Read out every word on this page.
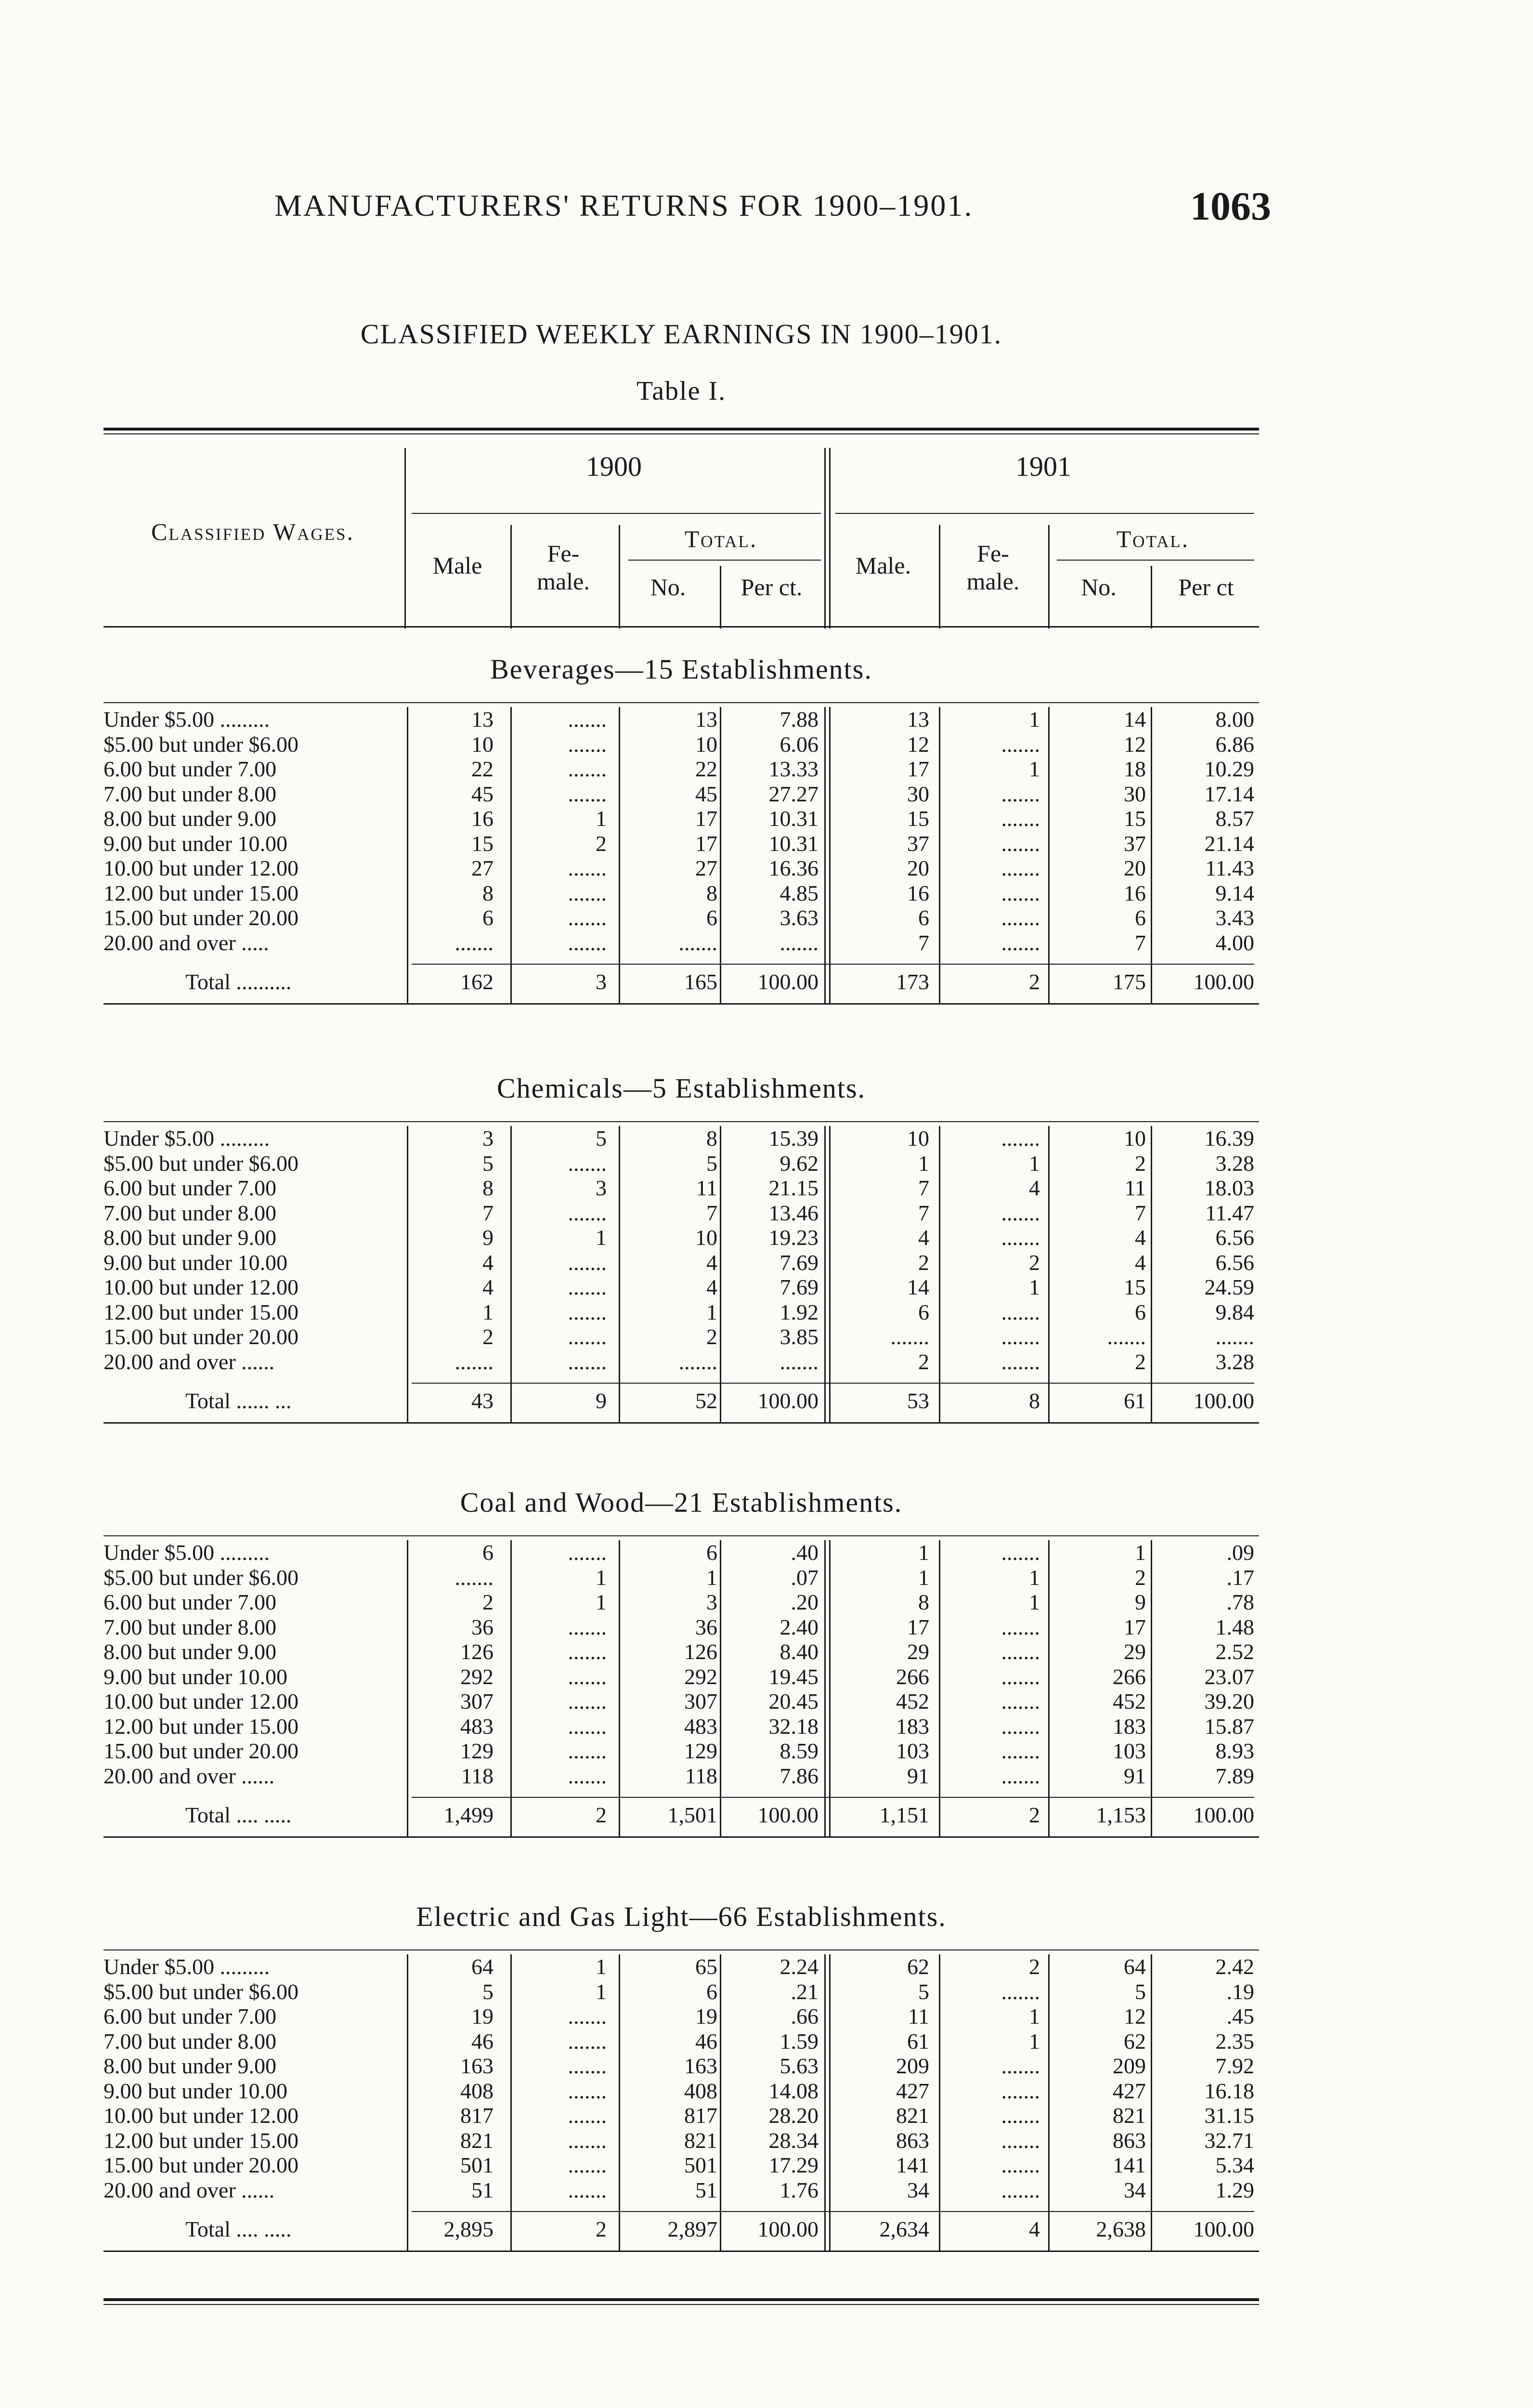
MANUFACTURERS' RETURNS FOR 1900–1901.	1063
CLASSIFIED WEEKLY EARNINGS IN 1900–1901.
Table I.
Classified Wages.
1900	1901
Male	Fe-
male.
Total.
No.	Per ct.
Male.	Fe-
male.
Total.
No.	Per ct
Beverages—15 Establishments.
Under $5.00 .........	13	.......	13	7.88	13	1	14	8.00
$5.00 but under $6.00	10	.......	10	6.06	12	.......	12	6.86
6.00 but under 7.00	22	.......	22	13.33	17	1	18	10.29
7.00 but under 8.00	45	.......	45	27.27	30	.......	30	17.14
8.00 but under 9.00	16	1	17	10.31	15	.......	15	8.57
9.00 but under 10.00	15	2	17	10.31	37	.......	37	21.14
10.00 but under 12.00	27	.......	27	16.36	20	.......	20	11.43
12.00 but under 15.00	8	.......	8	4.85	16	.......	16	9.14
15.00 but under 20.00	6	.......	6	3.63	6	.......	6	3.43
20.00 and over .....	.......	.......	.......	.......	7	.......	7	4.00
Total ..........	162	3	165	100.00	173	2	175	100.00
Chemicals—5 Establishments.
Under $5.00 .........	3	5	8	15.39	10	.......	10	16.39
$5.00 but under $6.00	5	.......	5	9.62	1	1	2	3.28
6.00 but under 7.00	8	3	11	21.15	7	4	11	18.03
7.00 but under 8.00	7	.......	7	13.46	7	.......	7	11.47
8.00 but under 9.00	9	1	10	19.23	4	.......	4	6.56
9.00 but under 10.00	4	.......	4	7.69	2	2	4	6.56
10.00 but under 12.00	4	.......	4	7.69	14	1	15	24.59
12.00 but under 15.00	1	.......	1	1.92	6	.......	6	9.84
15.00 but under 20.00	2	.......	2	3.85	.......	.......	.......	.......
20.00 and over ......	.......	.......	.......	.......	2	.......	2	3.28
Total ...... ...	43	9	52	100.00	53	8	61	100.00
Coal and Wood—21 Establishments.
Under $5.00 .........	6	.......	6	.40	1	.......	1	.09
$5.00 but under $6.00	.......	1	1	.07	1	1	2	.17
6.00 but under 7.00	2	1	3	.20	8	1	9	.78
7.00 but under 8.00	36	.......	36	2.40	17	.......	17	1.48
8.00 but under 9.00	126	.......	126	8.40	29	.......	29	2.52
9.00 but under 10.00	292	.......	292	19.45	266	.......	266	23.07
10.00 but under 12.00	307	.......	307	20.45	452	.......	452	39.20
12.00 but under 15.00	483	.......	483	32.18	183	.......	183	15.87
15.00 but under 20.00	129	.......	129	8.59	103	.......	103	8.93
20.00 and over ......	118	.......	118	7.86	91	.......	91	7.89
Total .... .....	1,499	2	1,501	100.00	1,151	2	1,153	100.00
Electric and Gas Light—66 Establishments.
Under $5.00 .........	64	1	65	2.24	62	2	64	2.42
$5.00 but under $6.00	5	1	6	.21	5	.......	5	.19
6.00 but under 7.00	19	.......	19	.66	11	1	12	.45
7.00 but under 8.00	46	.......	46	1.59	61	1	62	2.35
8.00 but under 9.00	163	.......	163	5.63	209	.......	209	7.92
9.00 but under 10.00	408	.......	408	14.08	427	.......	427	16.18
10.00 but under 12.00	817	.......	817	28.20	821	.......	821	31.15
12.00 but under 15.00	821	.......	821	28.34	863	.......	863	32.71
15.00 but under 20.00	501	.......	501	17.29	141	.......	141	5.34
20.00 and over ......	51	.......	51	1.76	34	.......	34	1.29
Total .... .....	2,895	2	2,897	100.00	2,634	4	2,638	100.00
